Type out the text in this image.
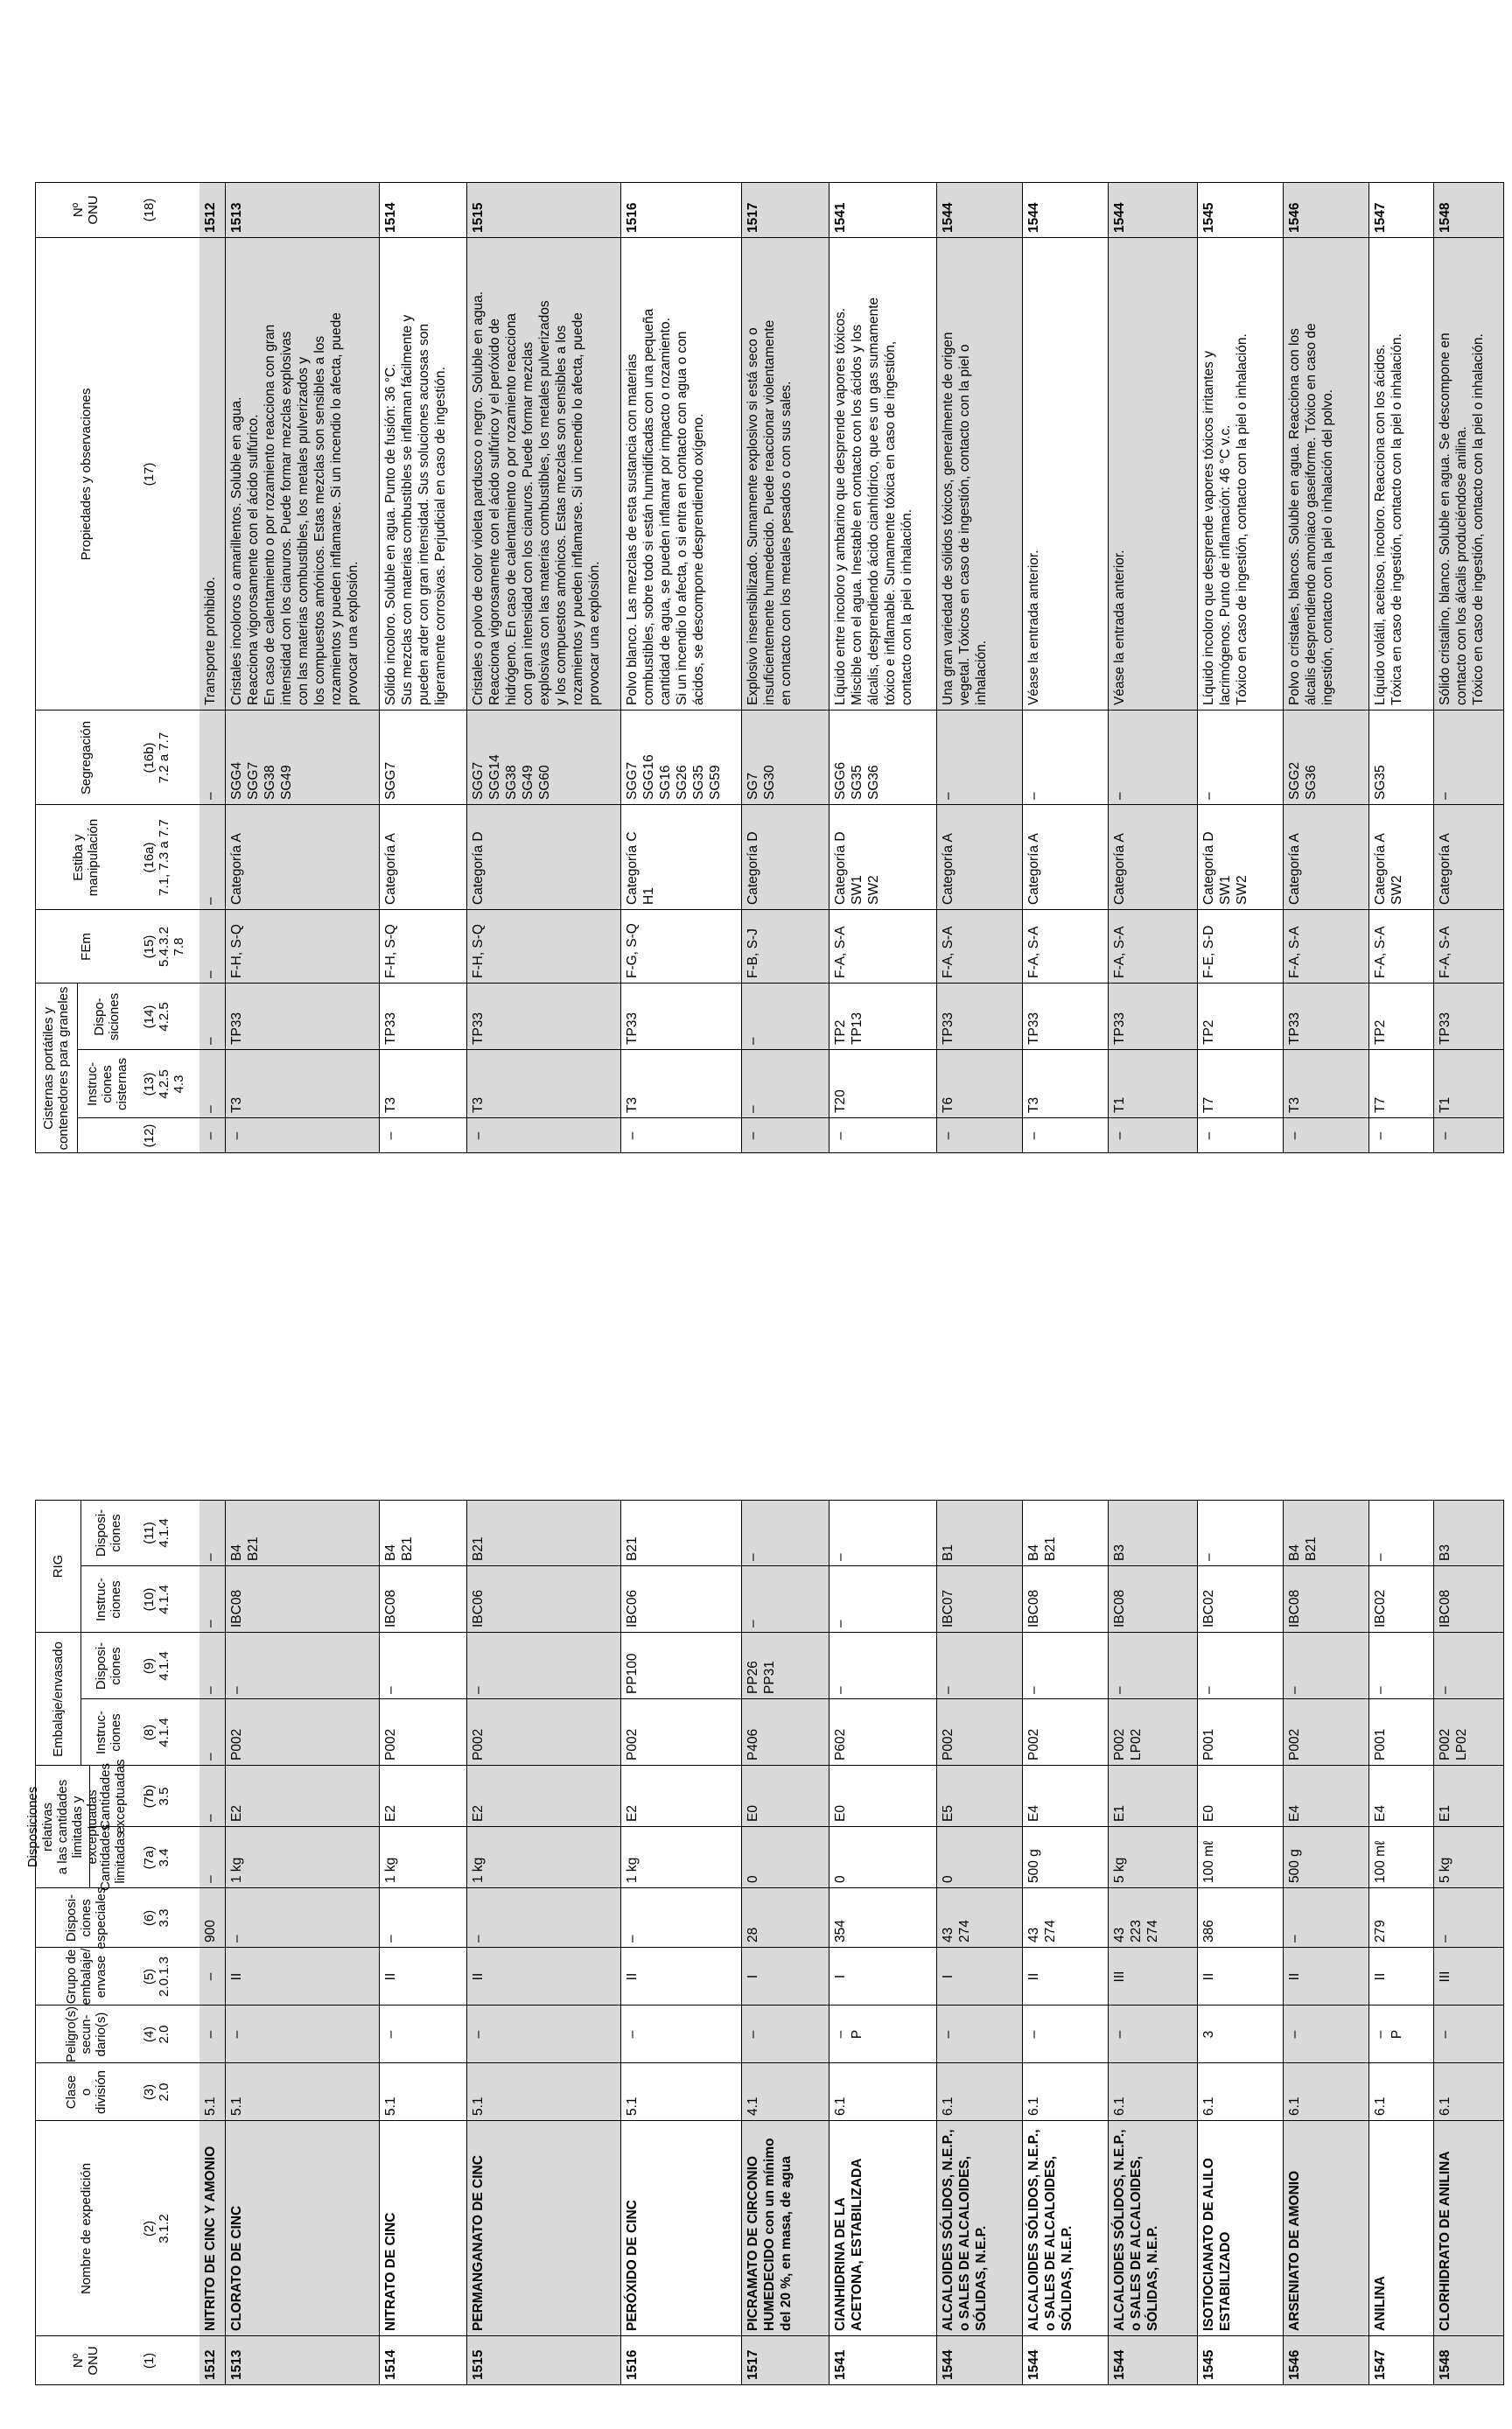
Disposiciones relativas
a las cantidades
limitadas y exceptuadas
Cantidades
limitadas
Cantidades
exceptuadas
Embalaje/envasado	Instruc-
ciones
Disposi-
ciones
RIG
Instruc-
ciones
Disposi-
ciones
Nº
ONU
Nombre de expedición
Clase
o
división
Peligro(s)
secun-
dario(s)
Grupo de
embalaje/
envase
Disposi-
ciones
especiales
(1)
(2)
3.1.2
(3)
2.0
(4)
2.0
(5)
2.0.1.3
(6)
3.3
(7a)
3.4
(7b)
3.5
(8)
4.1.4
(9)
4.1.4
(10)
4.1.4
(11)
4.1.4
1512
NITRITO DE CINC Y AMONIO
5.1
–
–
900
–
–
–
–
–
–
1513
CLORATO DE CINC
5.1
–
II
–
1 kg
E2
P002
–
IBC08
B4
B21
1514
NITRATO DE CINC
5.1
–
II
–
1 kg
E2
P002
–
IBC08
B4
B21
1515
PERMANGANATO DE CINC
5.1
–
II
–
1 kg
E2
P002
–
IBC06
B21
1516
PERÓXIDO DE CINC
5.1
–
II
–
1 kg
E2
P002
PP100
IBC06
B21
1517
PICRAMATO DE CIRCONIO HUMEDECIDO con un mínimo del 20 %, en masa, de agua
4.1
–
I
28
0
E0
P406
PP26
PP31
–
–
1541
CIANHIDRINA DE LA ACETONA, ESTABILIZADA
6.1
–
P
I
354
0
E0
P602
–
–
–
1544
ALCALOIDES SÓLIDOS, N.E.P., o SALES DE ALCALOIDES, SÓLIDAS, N.E.P.
6.1
–
I
43
274
0
E5
P002
–
IBC07
B1
1544
ALCALOIDES SÓLIDOS, N.E.P., o SALES DE ALCALOIDES, SÓLIDAS, N.E.P.
6.1
–
II
43
274
500 g
E4
P002
–
IBC08
B4
B21
1544
ALCALOIDES SÓLIDOS, N.E.P., o SALES DE ALCALOIDES, SÓLIDAS, N.E.P.
6.1
–
III
43
223
274
5 kg
E1
P002
LP02
–
IBC08
B3
1545
ISOTIOCIANATO DE ALILO ESTABILIZADO
6.1
3
II
386
100 mℓ
E0
P001
–
IBC02
–
1546
ARSENIATO DE AMONIO
6.1
–
II
–
500 g
E4
P002
–
IBC08
B4
B21
1547
ANILINA
6.1
–
P
II
279
100 mℓ
E4
P001
–
IBC02
–
1548
CLORHIDRATO DE ANILINA
6.1
–
III
–
5 kg
E1
P002
LP02
–
IBC08
B3
Cisternas portátiles y
contenedores para graneles
Instruc-
ciones
cisternas
Dispo-
siciones
FEm
Estiba y
manipulación
Segregación
Propiedades y observaciones
Nº
ONU
(12)
(13)
4.2.5
4.3
(14)
4.2.5
(15)
5.4.3.2
7.8
(16a)
7.1, 7.3 a 7.7
(16b)
7.2 a 7.7
(17)
(18)
–
–
–
–
–
–
Transporte prohibido.
1512
–
T3
TP33
F-H, S-Q
Categoría A
SGG4
SGG7
SG38
SG49
Cristales incoloros o amarillentos. Soluble en agua.
Reacciona vigorosamente con el ácido sulfúrico.
En caso de calentamiento o por rozamiento reacciona con gran
intensidad con los cianuros. Puede formar mezclas explosivas
con las materias combustibles, los metales pulverizados y
los compuestos amónicos. Estas mezclas son sensibles a los
rozamientos y pueden inflamarse. Si un incendio lo afecta, puede
provocar una explosión.
1513
–
T3
TP33
F-H, S-Q
Categoría A
SGG7
Sólido incoloro. Soluble en agua. Punto de fusión: 36 °C.
Sus mezclas con materias combustibles se inflaman fácilmente y
pueden arder con gran intensidad. Sus soluciones acuosas son
ligeramente corrosivas. Perjudicial en caso de ingestión.
1514
–
T3
TP33
F-H, S-Q
Categoría D
SGG7
SGG14
SG38
SG49
SG60
Cristales o polvo de color violeta pardusco o negro. Soluble en agua.
Reacciona vigorosamente con el ácido sulfúrico y el peróxido de
hidrógeno. En caso de calentamiento o por rozamiento reacciona
con gran intensidad con los cianuros. Puede formar mezclas
explosivas con las materias combustibles, los metales pulverizados
y los compuestos amónicos. Estas mezclas son sensibles a los
rozamientos y pueden inflamarse. Si un incendio lo afecta, puede
provocar una explosión.
1515
–
T3
TP33
F-G, S-Q
Categoría C
H1
SGG7
SGG16
SG16
SG26
SG35
SG59
Polvo blanco. Las mezclas de esta sustancia con materias
combustibles, sobre todo si están humidificadas con una pequeña
cantidad de agua, se pueden inflamar por impacto o rozamiento.
Si un incendio lo afecta, o si entra en contacto con agua o con
ácidos, se descompone desprendiendo oxígeno.
1516
–
–
–
F-B, S-J
Categoría D
SG7
SG30
Explosivo insensibilizado. Sumamente explosivo si está seco o
insuficientemente humedecido. Puede reaccionar violentamente
en contacto con los metales pesados o con sus sales.
1517
–
T20
TP2
TP13
F-A, S-A
Categoría D
SW1
SW2
SGG6
SG35
SG36
Líquido entre incoloro y ambarino que desprende vapores tóxicos.
Miscible con el agua. Inestable en contacto con los ácidos y los
álcalis, desprendiendo ácido cianhídrico, que es un gas sumamente
tóxico e inflamable. Sumamente tóxica en caso de ingestión,
contacto con la piel o inhalación.
1541
–
T6
TP33
F-A, S-A
Categoría A
–
Una gran variedad de sólidos tóxicos, generalmente de origen
vegetal. Tóxicos en caso de ingestión, contacto con la piel o
inhalación.
1544
–
T3
TP33
F-A, S-A
Categoría A
–
Véase la entrada anterior.
1544
–
T1
TP33
F-A, S-A
Categoría A
–
Véase la entrada anterior.
1544
–
T7
TP2
F-E, S-D
Categoría D
SW1
SW2
–
Líquido incoloro que desprende vapores tóxicos irritantes y
lacrimógenos. Punto de inflamación: 46 °C v.c.
Tóxico en caso de ingestión, contacto con la piel o inhalación.
1545
–
T3
TP33
F-A, S-A
Categoría A
SGG2
SG36
Polvo o cristales, blancos. Soluble en agua. Reacciona con los
álcalis desprendiendo amoniaco gaseiforme. Tóxico en caso de
ingestión, contacto con la piel o inhalación del polvo.
1546
–
T7
TP2
F-A, S-A
Categoría A
SW2
SG35
Líquido volátil, aceitoso, incoloro. Reacciona con los ácidos.
Tóxica en caso de ingestión, contacto con la piel o inhalación.
1547
–
T1
TP33
F-A, S-A
Categoría A
–
Sólido cristalino, blanco. Soluble en agua. Se descompone en
contacto con los álcalis produciéndose anilina.
Tóxico en caso de ingestión, contacto con la piel o inhalación.
1548
